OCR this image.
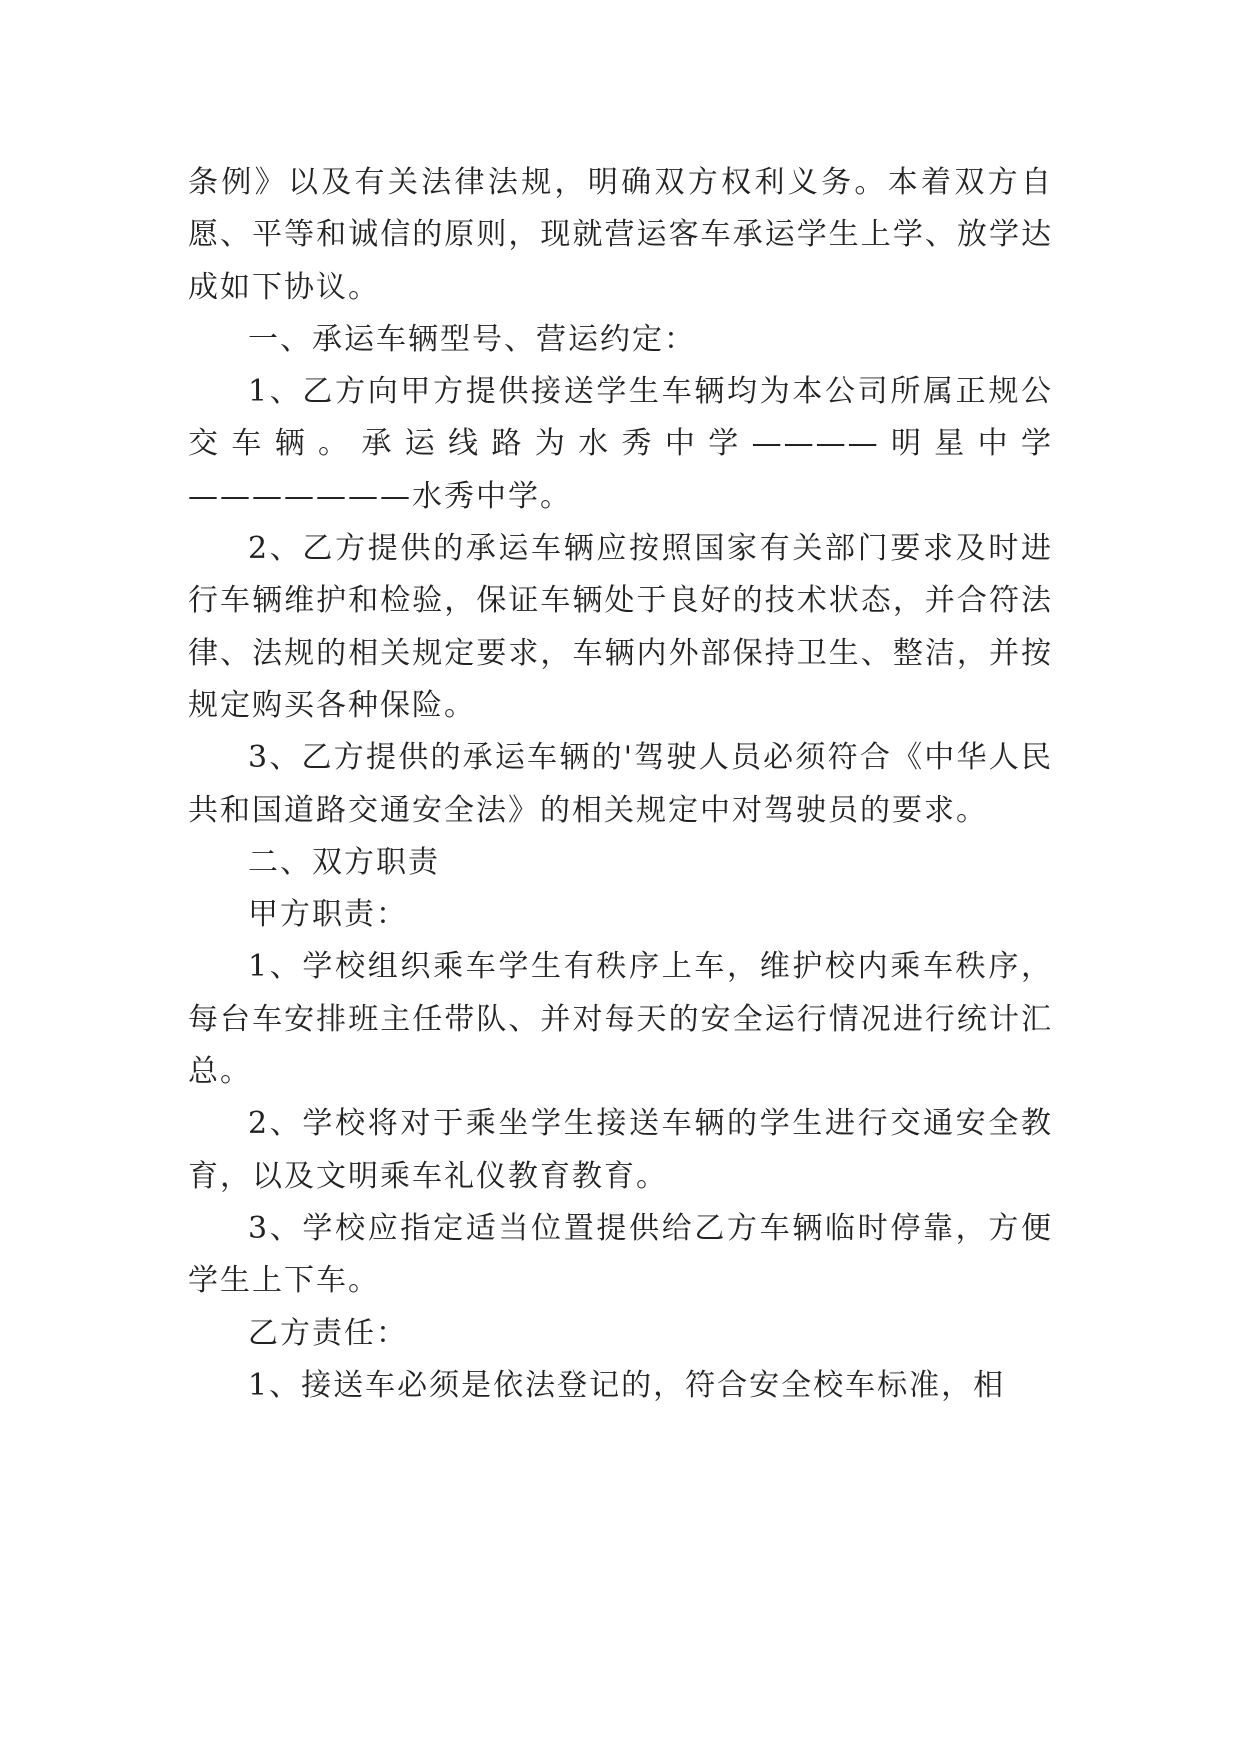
条例》以及有关法律法规，明确双方权利义务。本着双方自愿、平等和诚信的原则，现就营运客车承运学生上学、放学达成如下协议。

一、承运车辆型号、营运约定：

1、乙方向甲方提供接送学生车辆均为本公司所属正规公交车辆。承运线路为水秀中学————明星中学———————水秀中学。

2、乙方提供的承运车辆应按照国家有关部门要求及时进行车辆维护和检验，保证车辆处于良好的技术状态，并合符法律、法规的相关规定要求，车辆内外部保持卫生、整洁，并按规定购买各种保险。

3、乙方提供的承运车辆的'驾驶人员必须符合《中华人民共和国道路交通安全法》的相关规定中对驾驶员的要求。

二、双方职责

甲方职责：

1、学校组织乘车学生有秩序上车，维护校内乘车秩序，每台车安排班主任带队、并对每天的安全运行情况进行统计汇总。

2、学校将对于乘坐学生接送车辆的学生进行交通安全教育，以及文明乘车礼仪教育教育。

3、学校应指定适当位置提供给乙方车辆临时停靠，方便学生上下车。

乙方责任：

1、接送车必须是依法登记的，符合安全校车标准，相
